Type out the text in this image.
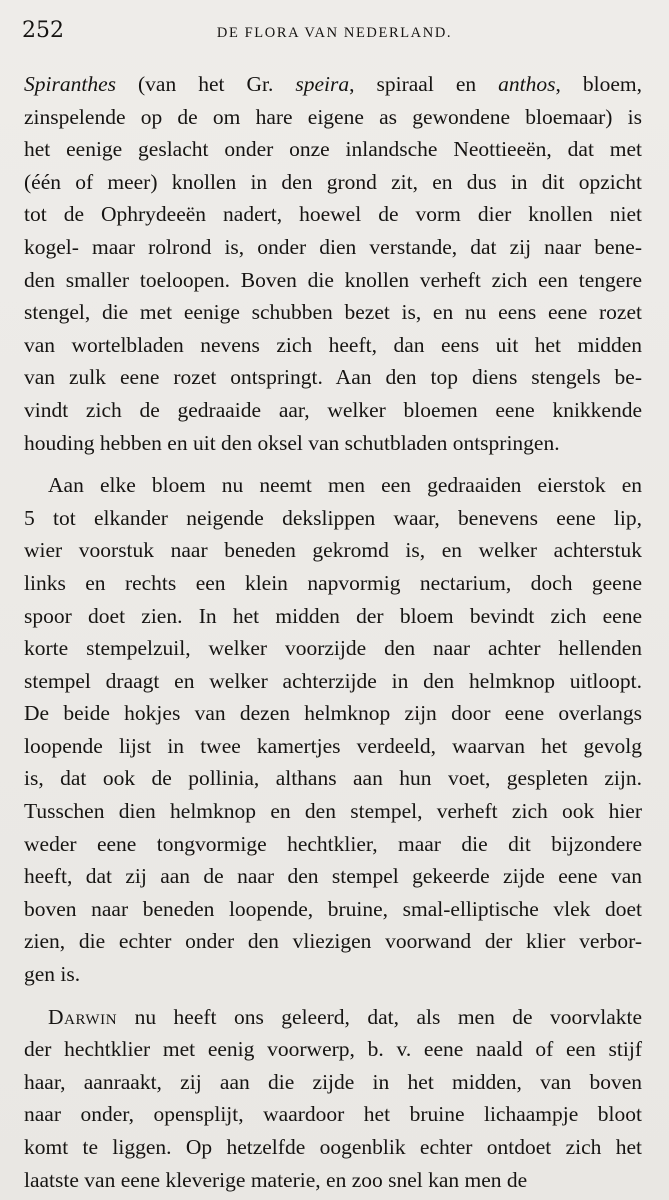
252	DE FLORA VAN NEDERLAND.
Spiranthes (van het Gr. speira, spiraal en anthos, bloem,
zinspelende op de om hare eigene as gewondene bloemaar) is
het eenige geslacht onder onze inlandsche Neottieeën, dat met
(één of meer) knollen in den grond zit, en dus in dit opzicht
tot de Ophrydeeën nadert, hoewel de vorm dier knollen niet
kogel- maar rolrond is, onder dien verstande, dat zij naar bene-
den smaller toeloopen. Boven die knollen verheft zich een tengere
stengel, die met eenige schubben bezet is, en nu eens eene rozet
van wortelbladen nevens zich heeft, dan eens uit het midden
van zulk eene rozet ontspringt. Aan den top diens stengels be-
vindt zich de gedraaide aar, welker bloemen eene knikkende
houding hebben en uit den oksel van schutbladen ontspringen.
Aan elke bloem nu neemt men een gedraaiden eierstok en
5 tot elkander neigende dekslippen waar, benevens eene lip,
wier voorstuk naar beneden gekromd is, en welker achterstuk
links en rechts een klein napvormig nectarium, doch geene
spoor doet zien. In het midden der bloem bevindt zich eene
korte stempelzuil, welker voorzijde den naar achter hellenden
stempel draagt en welker achterzijde in den helmknop uitloopt.
De beide hokjes van dezen helmknop zijn door eene overlangs
loopende lijst in twee kamertjes verdeeld, waarvan het gevolg
is, dat ook de pollinia, althans aan hun voet, gespleten zijn.
Tusschen dien helmknop en den stempel, verheft zich ook hier
weder eene tongvormige hechtklier, maar die dit bijzondere
heeft, dat zij aan de naar den stempel gekeerde zijde eene van
boven naar beneden loopende, bruine, smal-elliptische vlek doet
zien, die echter onder den vliezigen voorwand der klier verbor-
gen is.
Darwin nu heeft ons geleerd, dat, als men de voorvlakte
der hechtklier met eenig voorwerp, b. v. eene naald of een stijf
haar, aanraakt, zij aan die zijde in het midden, van boven
naar onder, opensplijt, waardoor het bruine lichaampje bloot
komt te liggen. Op hetzelfde oogenblik echter ontdoet zich het
laatste van eene kleverige materie, en zoo snel kan men de
